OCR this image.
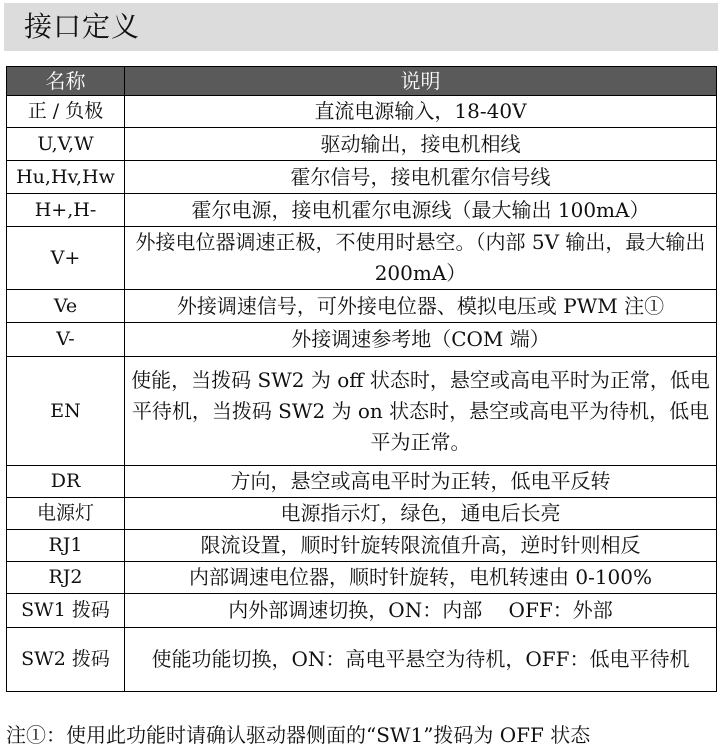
接口定义
名称	说明
正 / 负极	直流电源输入，18-40V
U,V,W	驱动输出，接电机相线
Hu,Hv,Hw	霍尔信号，接电机霍尔信号线
H+,H-	霍尔电源，接电机霍尔电源线（最大输出 100mA）
V+	外接电位器调速正极，不使用时悬空。（内部 5V 输出，最大输出 200mA）
Ve	外接调速信号，可外接电位器、模拟电压或 PWM 注①
V-	外接调速参考地（COM 端）
EN	使能，当拨码 SW2 为 off 状态时，悬空或高电平时为正常，低电平待机，当拨码 SW2 为 on 状态时，悬空或高电平为待机，低电平为正常。
DR	方向，悬空或高电平时为正转，低电平反转
电源灯	电源指示灯，绿色，通电后长亮
RJ1	限流设置，顺时针旋转限流值升高，逆时针则相反
RJ2	内部调速电位器，顺时针旋转，电机转速由 0-100%
SW1 拨码	内外部调速切换，ON：内部　 OFF：外部
SW2 拨码	使能功能切换，ON：高电平悬空为待机，OFF：低电平待机
注①：使用此功能时请确认驱动器侧面的“SW1”拨码为 OFF 状态
